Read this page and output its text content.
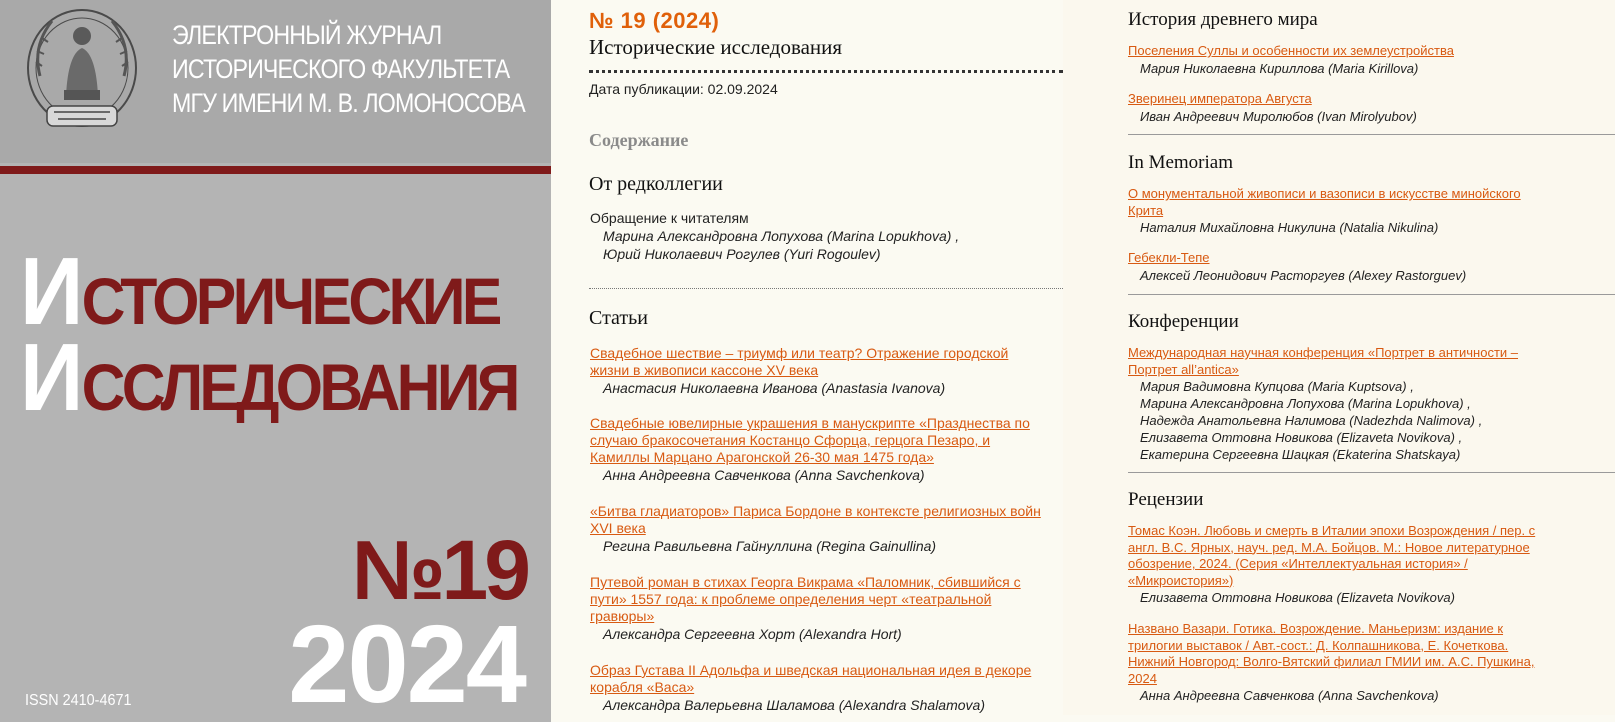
ЭЛЕКТРОННЫЙ ЖУРНАЛ
ИСТОРИЧЕСКОГО ФАКУЛЬТЕТА
МГУ ИМЕНИ М. В. ЛОМОНОСОВА
ИСТОРИЧЕСКИЕ
ИССЛЕДОВАНИЯ
№19
2024
ISSN 2410-4671
№ 19 (2024)
Исторические исследования
Дата публикации: 02.09.2024
Содержание
От редколлегии
Обращение к читателям
Марина Александровна Лопухова (Marina Lopukhova) ,
Юрий Николаевич Рогулев (Yuri Rogoulev)
Статьи
Свадебное шествие – триумф или театр? Отражение городской
жизни в живописи кассоне XV века
Анастасия Николаевна Иванова (Anastasia Ivanova)
Свадебные ювелирные украшения в манускрипте «Празднества по
случаю бракосочетания Костанцо Сфорца, герцога Пезаро, и
Камиллы Марцано Арагонской 26-30 мая 1475 года»
Анна Андреевна Савченкова (Anna Savchenkova)
«Битва гладиаторов» Париса Бордоне в контексте религиозных войн
XVI века
Регина Равильевна Гайнуллина (Regina Gainullina)
Путевой роман в стихах Георга Викрама «Паломник, сбившийся с
пути» 1557 года: к проблеме определения черт «театральной
гравюры»
Александра Сергеевна Хорт (Alexandra Hort)
Образ Густава II Адольфа и шведская национальная идея в декоре
корабля «Васа»
Александра Валерьевна Шаламова (Alexandra Shalamova)
История древнего мира
Поселения Суллы и особенности их землеустройства
Мария Николаевна Кириллова (Maria Kirillova)
Зверинец императора Августа
Иван Андреевич Миролюбов (Ivan Mirolyubov)
In Memoriam
О монументальной живописи и вазописи в искусстве минойского
Крита
Наталия Михайловна Никулина (Natalia Nikulina)
Гебекли-Тепе
Алексей Леонидович Расторгуев (Alexey Rastorguev)
Конференции
Международная научная конференция «Портрет в античности –
Портрет all’antica»
Мария Вадимовна Купцова (Maria Kuptsova) ,
Марина Александровна Лопухова (Marina Lopukhova) ,
Надежда Анатольевна Налимова (Nadezhda Nalimova) ,
Елизавета Оттовна Новикова (Elizaveta Novikova) ,
Екатерина Сергеевна Шацкая (Ekaterina Shatskaya)
Рецензии
Томас Коэн. Любовь и смерть в Италии эпохи Возрождения / пер. с
англ. В.С. Ярных, науч. ред. М.А. Бойцов. М.: Новое литературное
обозрение, 2024. (Серия «Интеллектуальная история» /
«Микроистория»)
Елизавета Оттовна Новикова (Elizaveta Novikova)
Названо Вазари. Готика. Возрождение. Маньеризм: издание к
трилогии выставок / Авт.-сост.: Д. Колпашникова, Е. Кочеткова.
Нижний Новгород: Волго-Вятский филиал ГМИИ им. А.С. Пушкина,
2024
Анна Андреевна Савченкова (Anna Savchenkova)
